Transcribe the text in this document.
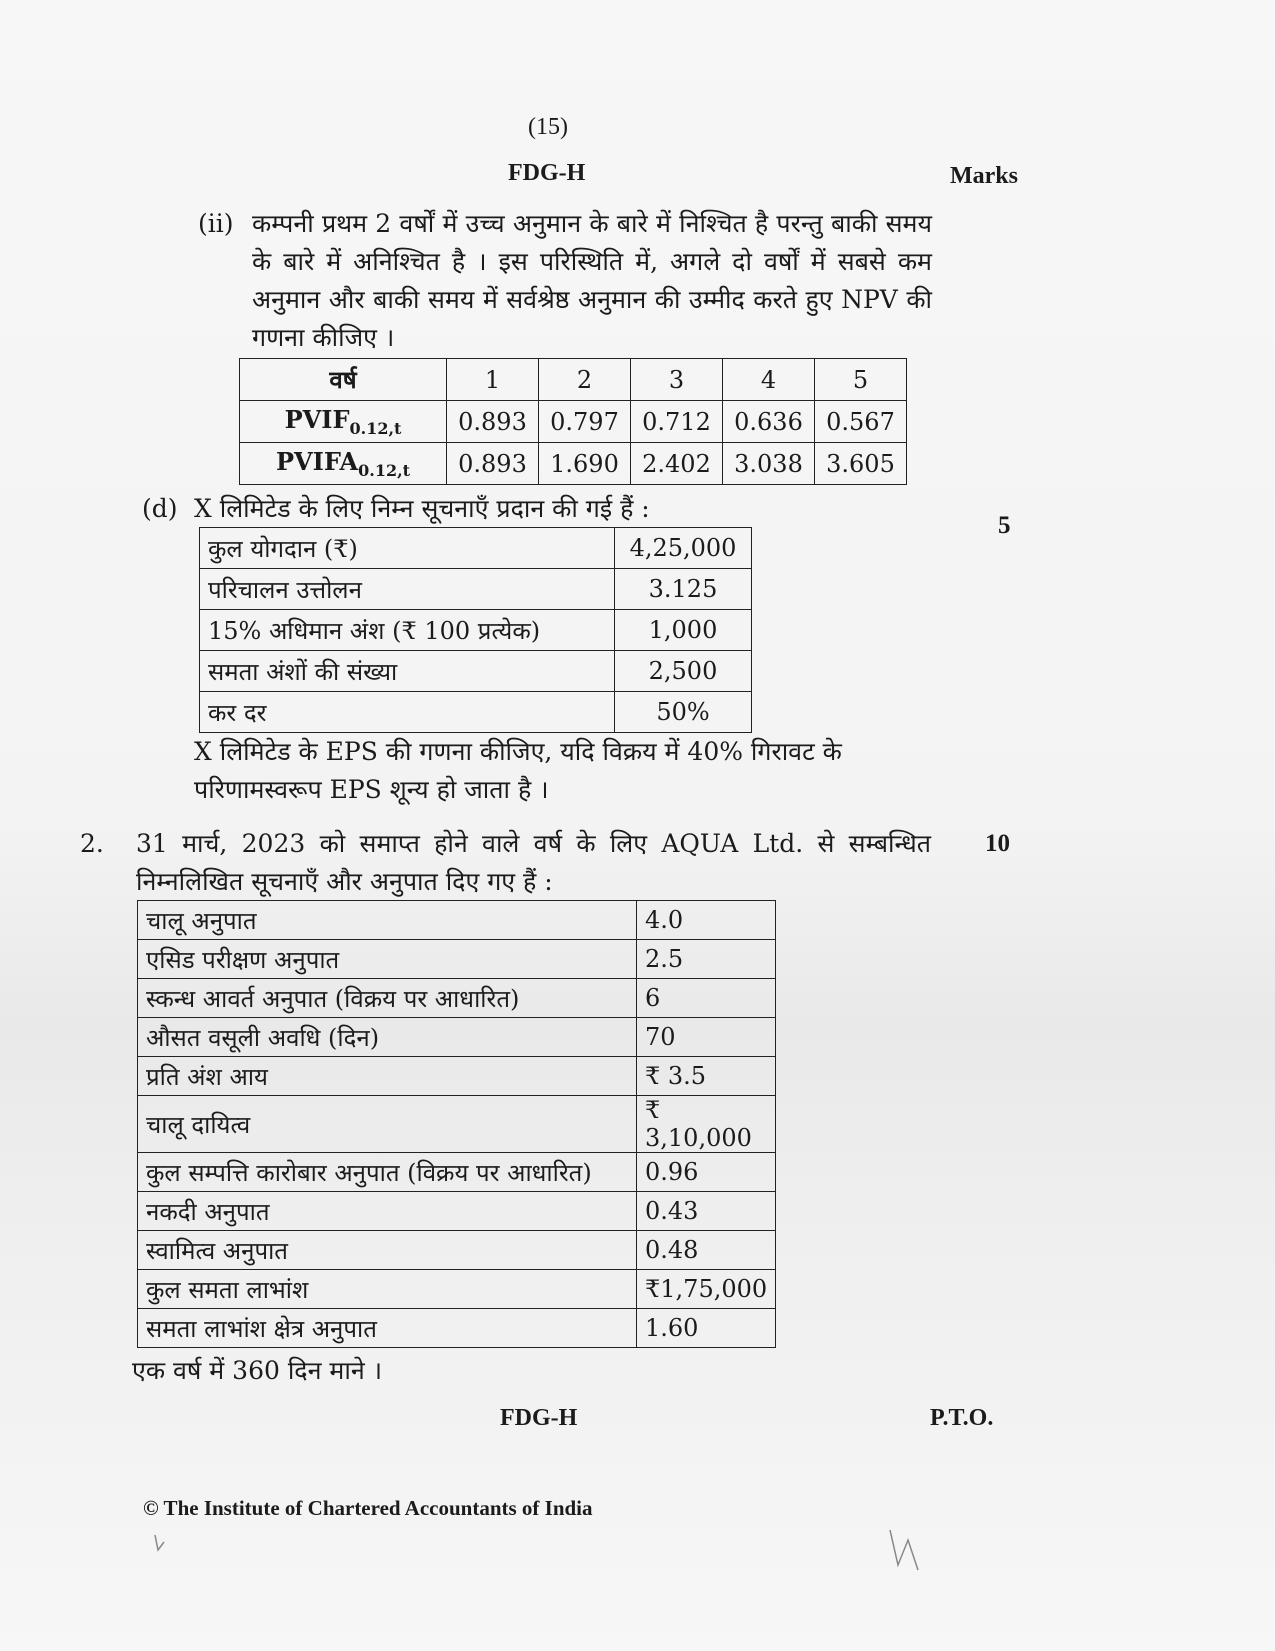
(15)
FDG-H	Marks
(ii) कम्पनी प्रथम 2 वर्षों में उच्च अनुमान के बारे में निश्चित है परन्तु बाकी समय के बारे में अनिश्चित है । इस परिस्थिति में, अगले दो वर्षों में सबसे कम अनुमान और बाकी समय में सर्वश्रेष्ठ अनुमान की उम्मीद करते हुए NPV की गणना कीजिए ।
वर्ष	1	2	3	4	5
$PVIF_{0.12,t}$	0.893	0.797	0.712	0.636	0.567
$PVIFA_{0.12,t}$	0.893	1.690	2.402	3.038	3.605
(d) X लिमिटेड के लिए निम्न सूचनाएँ प्रदान की गई हैं :
5
कुल योगदान (₹)	4,25,000
परिचालन उत्तोलन	3.125
15% अधिमान अंश (₹ 100 प्रत्येक)	1,000
समता अंशों की संख्या	2,500
कर दर	50%
X लिमिटेड के EPS की गणना कीजिए, यदि विक्रय में 40% गिरावट के परिणामस्वरूप EPS शून्य हो जाता है ।
2. 31 मार्च, 2023 को समाप्त होने वाले वर्ष के लिए AQUA Ltd. से सम्बन्धित निम्नलिखित सूचनाएँ और अनुपात दिए गए हैं :
10
चालू अनुपात	4.0
एसिड परीक्षण अनुपात	2.5
स्कन्ध आवर्त अनुपात (विक्रय पर आधारित)	6
औसत वसूली अवधि (दिन)	70
प्रति अंश आय	₹ 3.5
चालू दायित्व	₹ 3,10,000
कुल सम्पत्ति कारोबार अनुपात (विक्रय पर आधारित)	0.96
नकदी अनुपात	0.43
स्वामित्व अनुपात	0.48
कुल समता लाभांश	₹1,75,000
समता लाभांश क्षेत्र अनुपात	1.60
एक वर्ष में 360 दिन माने ।
FDG-H	P.T.O.
© The Institute of Chartered Accountants of India
